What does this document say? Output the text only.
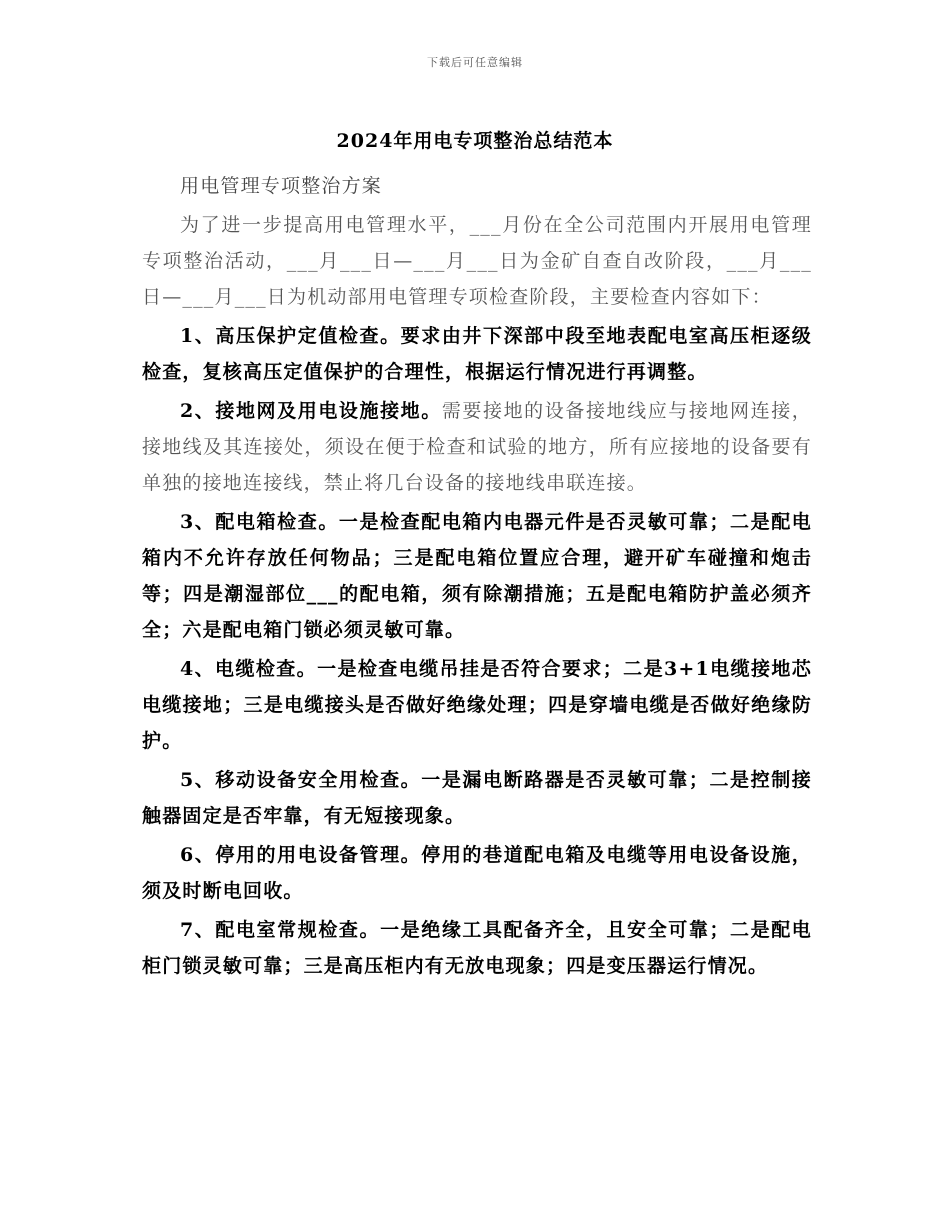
下载后可任意编辑
2024年用电专项整治总结范本

用电管理专项整治方案

为了进一步提高用电管理水平，___月份在全公司范围内开展用电管理专项整治活动，___月___日—___月___日为金矿自查自改阶段，___月___日—___月___日为机动部用电管理专项检查阶段，主要检查内容如下：

1、高压保护定值检查。要求由井下深部中段至地表配电室高压柜逐级检查，复核高压定值保护的合理性，根据运行情况进行再调整。

2、接地网及用电设施接地。需要接地的设备接地线应与接地网连接，接地线及其连接处，须设在便于检查和试验的地方，所有应接地的设备要有单独的接地连接线，禁止将几台设备的接地线串联连接。

3、配电箱检查。一是检查配电箱内电器元件是否灵敏可靠；二是配电箱内不允许存放任何物品；三是配电箱位置应合理，避开矿车碰撞和炮击等；四是潮湿部位___的配电箱，须有除潮措施；五是配电箱防护盖必须齐全；六是配电箱门锁必须灵敏可靠。

4、电缆检查。一是检查电缆吊挂是否符合要求；二是3+1电缆接地芯电缆接地；三是电缆接头是否做好绝缘处理；四是穿墙电缆是否做好绝缘防护。

5、移动设备安全用检查。一是漏电断路器是否灵敏可靠；二是控制接触器固定是否牢靠，有无短接现象。

6、停用的用电设备管理。停用的巷道配电箱及电缆等用电设备设施，须及时断电回收。

7、配电室常规检查。一是绝缘工具配备齐全，且安全可靠；二是配电柜门锁灵敏可靠；三是高压柜内有无放电现象；四是变压器运行情况。
